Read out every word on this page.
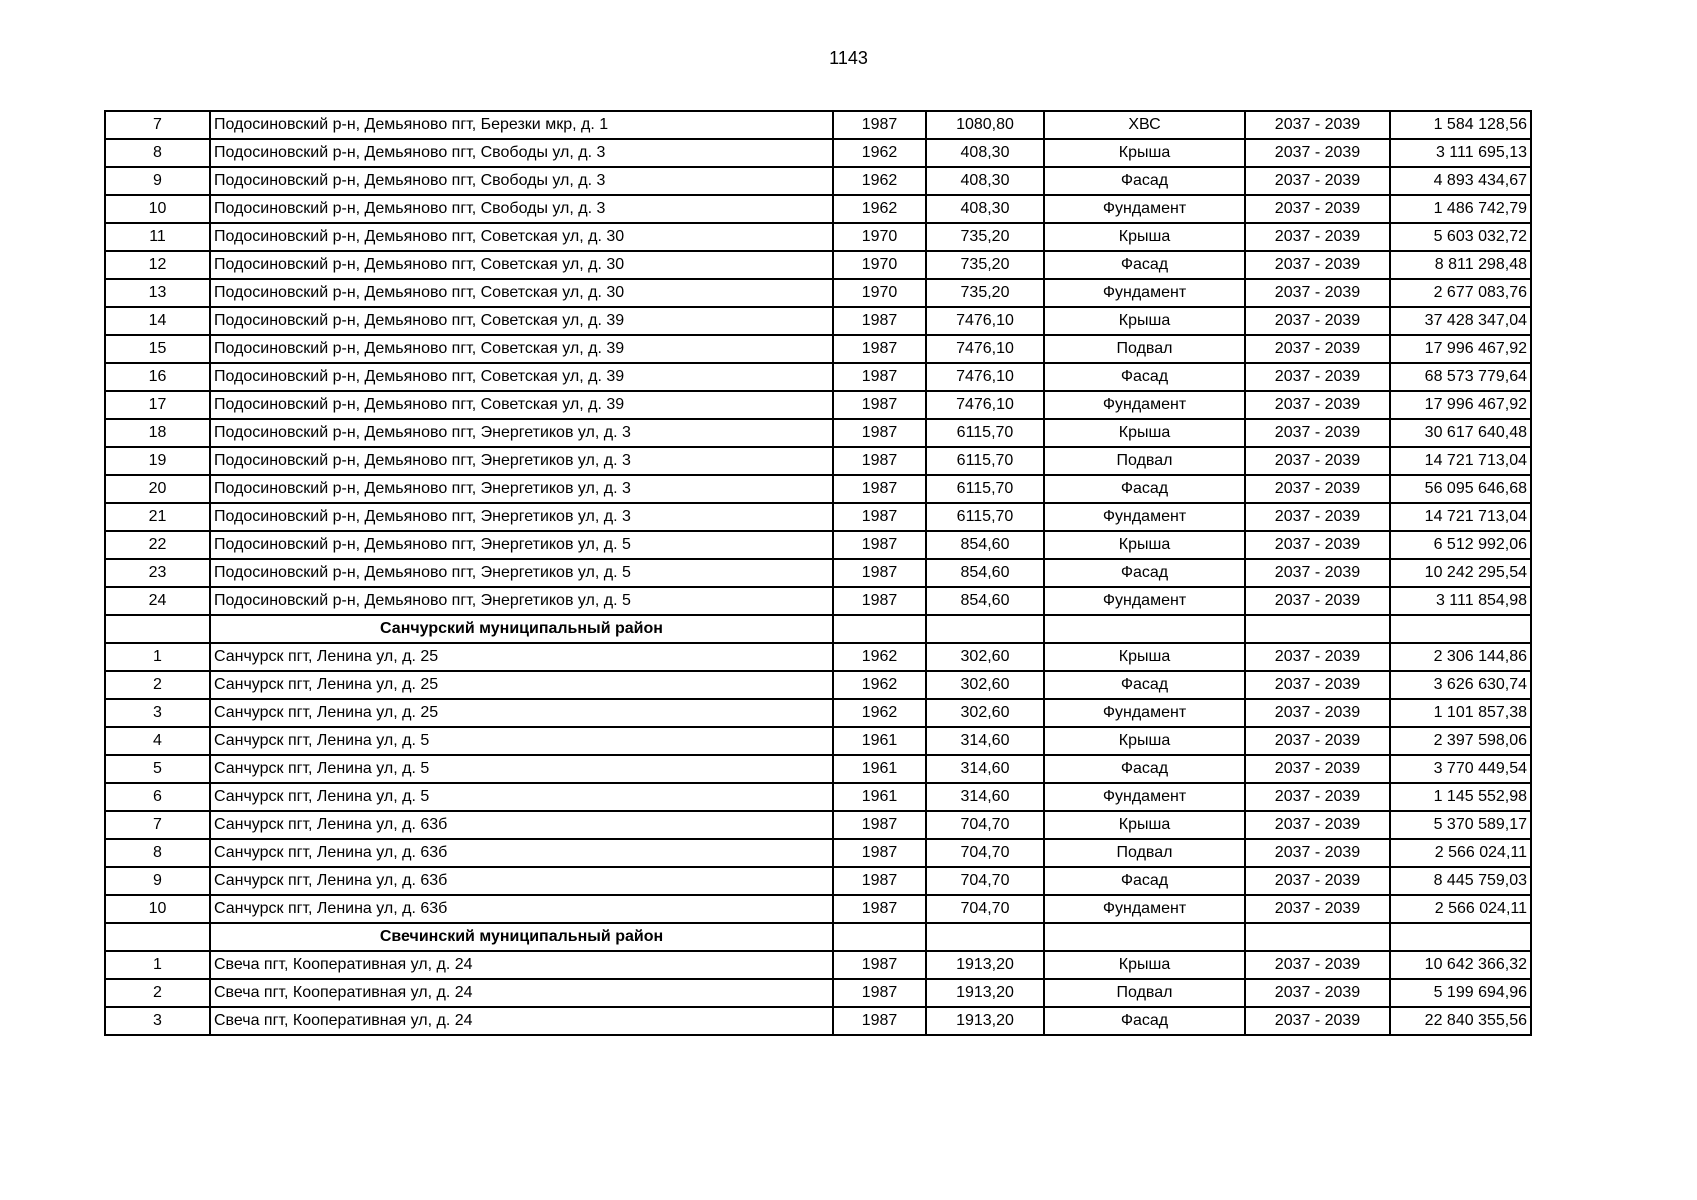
1143
7	Подосиновский р-н, Демьяново пгт, Березки мкр, д. 1	1987	1080,80	ХВС	2037 - 2039	1 584 128,56
8	Подосиновский р-н, Демьяново пгт, Свободы ул, д. 3	1962	408,30	Крыша	2037 - 2039	3 111 695,13
9	Подосиновский р-н, Демьяново пгт, Свободы ул, д. 3	1962	408,30	Фасад	2037 - 2039	4 893 434,67
10	Подосиновский р-н, Демьяново пгт, Свободы ул, д. 3	1962	408,30	Фундамент	2037 - 2039	1 486 742,79
11	Подосиновский р-н, Демьяново пгт, Советская ул, д. 30	1970	735,20	Крыша	2037 - 2039	5 603 032,72
12	Подосиновский р-н, Демьяново пгт, Советская ул, д. 30	1970	735,20	Фасад	2037 - 2039	8 811 298,48
13	Подосиновский р-н, Демьяново пгт, Советская ул, д. 30	1970	735,20	Фундамент	2037 - 2039	2 677 083,76
14	Подосиновский р-н, Демьяново пгт, Советская ул, д. 39	1987	7476,10	Крыша	2037 - 2039	37 428 347,04
15	Подосиновский р-н, Демьяново пгт, Советская ул, д. 39	1987	7476,10	Подвал	2037 - 2039	17 996 467,92
16	Подосиновский р-н, Демьяново пгт, Советская ул, д. 39	1987	7476,10	Фасад	2037 - 2039	68 573 779,64
17	Подосиновский р-н, Демьяново пгт, Советская ул, д. 39	1987	7476,10	Фундамент	2037 - 2039	17 996 467,92
18	Подосиновский р-н, Демьяново пгт, Энергетиков ул, д. 3	1987	6115,70	Крыша	2037 - 2039	30 617 640,48
19	Подосиновский р-н, Демьяново пгт, Энергетиков ул, д. 3	1987	6115,70	Подвал	2037 - 2039	14 721 713,04
20	Подосиновский р-н, Демьяново пгт, Энергетиков ул, д. 3	1987	6115,70	Фасад	2037 - 2039	56 095 646,68
21	Подосиновский р-н, Демьяново пгт, Энергетиков ул, д. 3	1987	6115,70	Фундамент	2037 - 2039	14 721 713,04
22	Подосиновский р-н, Демьяново пгт, Энергетиков ул, д. 5	1987	854,60	Крыша	2037 - 2039	6 512 992,06
23	Подосиновский р-н, Демьяново пгт, Энергетиков ул, д. 5	1987	854,60	Фасад	2037 - 2039	10 242 295,54
24	Подосиновский р-н, Демьяново пгт, Энергетиков ул, д. 5	1987	854,60	Фундамент	2037 - 2039	3 111 854,98
	Санчурский муниципальный район					
1	Санчурск пгт, Ленина ул, д. 25	1962	302,60	Крыша	2037 - 2039	2 306 144,86
2	Санчурск пгт, Ленина ул, д. 25	1962	302,60	Фасад	2037 - 2039	3 626 630,74
3	Санчурск пгт, Ленина ул, д. 25	1962	302,60	Фундамент	2037 - 2039	1 101 857,38
4	Санчурск пгт, Ленина ул, д. 5	1961	314,60	Крыша	2037 - 2039	2 397 598,06
5	Санчурск пгт, Ленина ул, д. 5	1961	314,60	Фасад	2037 - 2039	3 770 449,54
6	Санчурск пгт, Ленина ул, д. 5	1961	314,60	Фундамент	2037 - 2039	1 145 552,98
7	Санчурск пгт, Ленина ул, д. 63б	1987	704,70	Крыша	2037 - 2039	5 370 589,17
8	Санчурск пгт, Ленина ул, д. 63б	1987	704,70	Подвал	2037 - 2039	2 566 024,11
9	Санчурск пгт, Ленина ул, д. 63б	1987	704,70	Фасад	2037 - 2039	8 445 759,03
10	Санчурск пгт, Ленина ул, д. 63б	1987	704,70	Фундамент	2037 - 2039	2 566 024,11
	Свечинский муниципальный район					
1	Свеча пгт, Кооперативная ул, д. 24	1987	1913,20	Крыша	2037 - 2039	10 642 366,32
2	Свеча пгт, Кооперативная ул, д. 24	1987	1913,20	Подвал	2037 - 2039	5 199 694,96
3	Свеча пгт, Кооперативная ул, д. 24	1987	1913,20	Фасад	2037 - 2039	22 840 355,56
